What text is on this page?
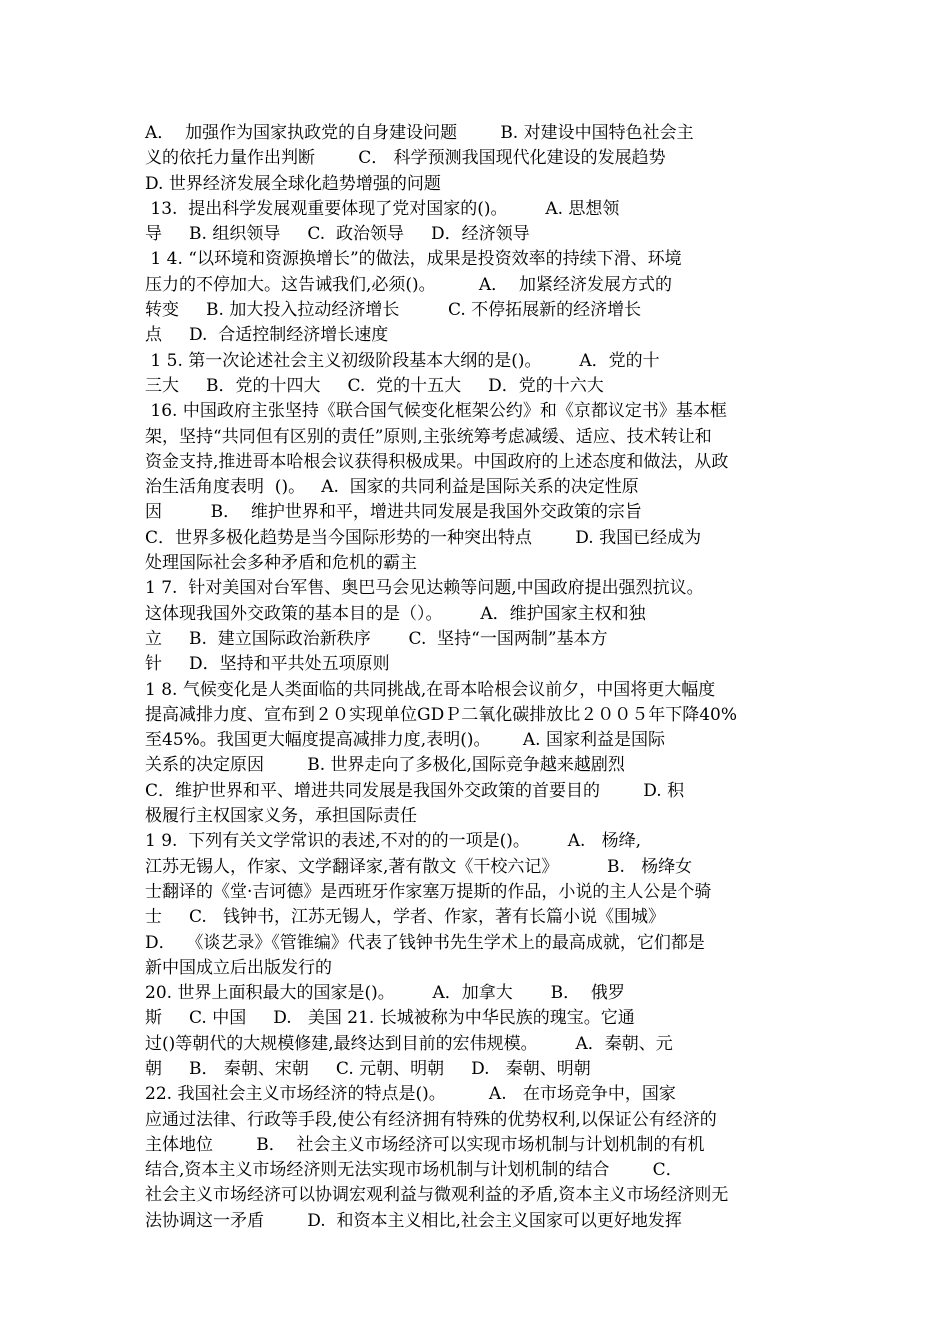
A．  加强作为国家执政党的自身建设问题        B. 对建设中国特色社会主
义的依托力量作出判断        C． 科学预测我国现代化建设的发展趋势
D. 世界经济发展全球化趋势增强的问题
13.  提出科学发展观重要体现了党对国家的()。       A. 思想领
导     B. 组织领导     C.  政治领导     D．经济领导
1 4. “以环境和资源换增长”的做法，成果是投资效率的持续下滑、环境
压力的不停加大。这告诫我们,必须()。        A．  加紧经济发展方式的
转变     B. 加大投入拉动经济增长         C. 不停拓展新的经济增长
点     D.  合适控制经济增长速度
1 5. 第一次论述社会主义初级阶段基本大纲的是()。       A．党的十
三大     B．党的十四大     C.  党的十五大     D．党的十六大
16. 中国政府主张坚持《联合国气候变化框架公约》和《京都议定书》基本框
架，坚持“共同但有区别的责任”原则,主张统筹考虑减缓、适应、技术转让和
资金支持,推进哥本哈根会议获得积极成果。中国政府的上述态度和做法，从政
治生活角度表明  ()。   A.  国家的共同利益是国际关系的决定性原
因         B．  维护世界和平，增进共同发展是我国外交政策的宗旨
C．世界多极化趋势是当今国际形势的一种突出特点        D. 我国已经成为
处理国际社会多种矛盾和危机的霸主
1 7.  针对美国对台军售、奥巴马会见达赖等问题,中国政府提出强烈抗议。
这体现我国外交政策的基本目的是（）。       A．维护国家主权和独
立     B.  建立国际政治新秩序       C.  坚持“一国两制”基本方
针     D．坚持和平共处五项原则
1 8. 气候变化是人类面临的共同挑战,在哥本哈根会议前夕，中国将更大幅度
提高减排力度、宣布到２０实现单位GDＰ二氧化碳排放比２００５年下降40%
至45%。我国更大幅度提高减排力度,表明()。      A. 国家利益是国际
关系的决定原因        B. 世界走向了多极化,国际竞争越来越剧烈
C．维护世界和平、增进共同发展是我国外交政策的首要目的        D. 积
极履行主权国家义务，承担国际责任
1 9.  下列有关文学常识的表述,不对的的一项是()。       A.   杨绛,
江苏无锡人，作家、文学翻译家,著有散文《干校六记》         B.   杨绛女
士翻译的《堂·吉诃德》是西班牙作家塞万提斯的作品，小说的主人公是个骑
士     C.   钱钟书，江苏无锡人，学者、作家，著有长篇小说《围城》
D．  《谈艺录》《管锥编》代表了钱钟书先生学术上的最高成就，它们都是
新中国成立后出版发行的
20. 世界上面积最大的国家是()。       A．加拿大       B．  俄罗
斯     C. 中国     D.   美国 21. 长城被称为中华民族的瑰宝。它通
过()等朝代的大规模修建,最终达到目前的宏伟规模。       A．秦朝、元
朝     B． 秦朝、宋朝     C. 元朝、明朝     D.   秦朝、明朝
22. 我国社会主义市场经济的特点是()。        A.   在市场竞争中，国家
应通过法律、行政等手段,使公有经济拥有特殊的优势权利,以保证公有经济的
主体地位        B．  社会主义市场经济可以实现市场机制与计划机制的有机
结合,资本主义市场经济则无法实现市场机制与计划机制的结合        C．
社会主义市场经济可以协调宏观利益与微观利益的矛盾,资本主义市场经济则无
法协调这一矛盾        D.  和资本主义相比,社会主义国家可以更好地发挥
